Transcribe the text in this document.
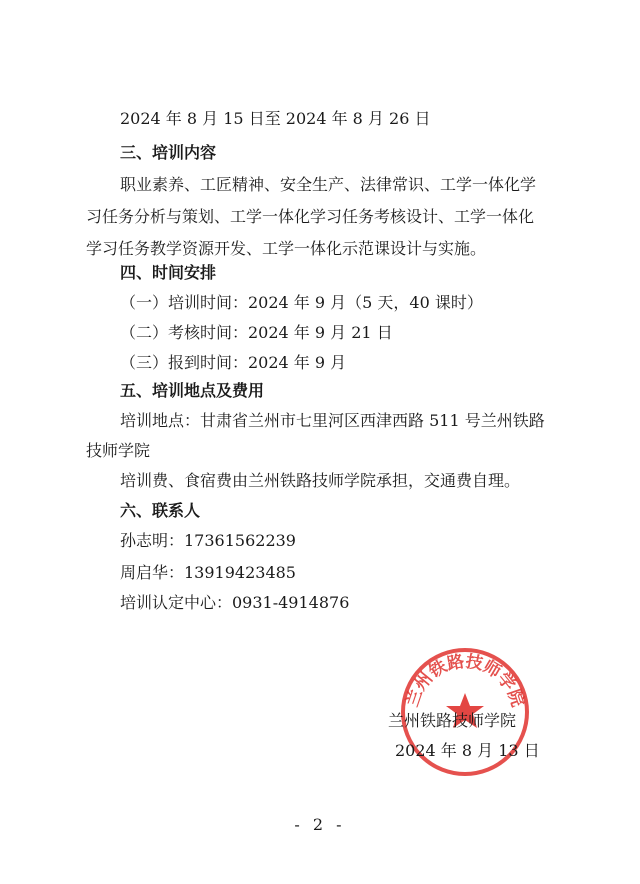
2024 年 8 月 15 日至 2024 年 8 月 26 日
三、培训内容
职业素养、工匠精神、安全生产、法律常识、工学一体化学
习任务分析与策划、工学一体化学习任务考核设计、工学一体化
学习任务教学资源开发、工学一体化示范课设计与实施。
四、时间安排
（一）培训时间：2024 年 9 月（5 天，40 课时）
（二）考核时间：2024 年 9 月 21 日
（三）报到时间：2024 年 9 月
五、培训地点及费用
培训地点：甘肃省兰州市七里河区西津西路 511 号兰州铁路
技师学院
培训费、食宿费由兰州铁路技师学院承担，交通费自理。
六、联系人
孙志明：17361562239
周启华：13919423485
培训认定中心：0931-4914876
兰州铁路技师学院
兰州铁路技师学院
2024 年 8 月 13 日
- 2 -
